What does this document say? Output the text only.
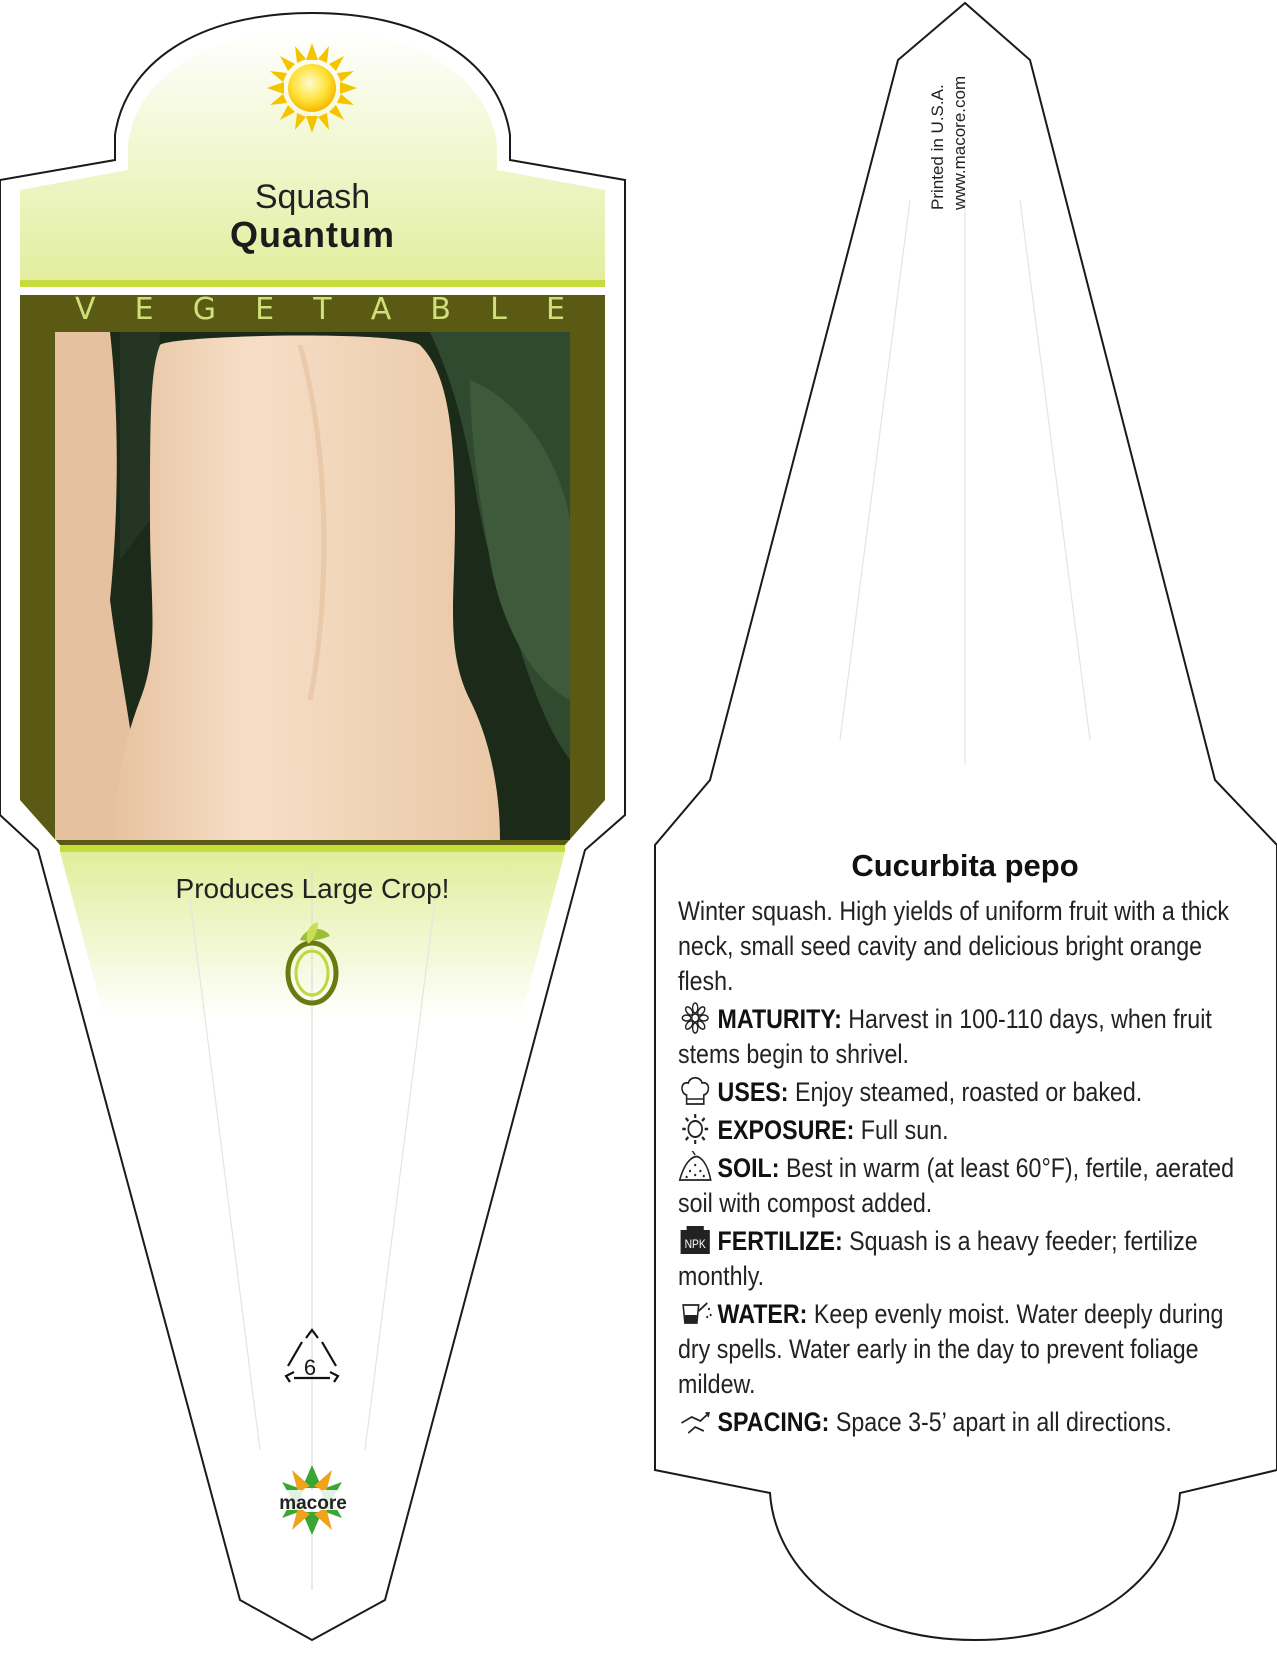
Squash
Quantum
V E G E T A B L E
Produces Large Crop!
6
macore
Printed in U.S.A. www.macore.com
Cucurbita pepo

Winter squash. High yields of uniform fruit with a thick neck, small seed cavity and delicious bright orange flesh.

MATURITY: Harvest in 100-110 days, when fruit stems begin to shrivel.

USES: Enjoy steamed, roasted or baked.

EXPOSURE: Full sun.

SOIL: Best in warm (at least 60°F), fertile, aerated soil with compost added.

NPK FERTILIZE: Squash is a heavy feeder; fertilize monthly.

WATER: Keep evenly moist. Water deeply during dry spells. Water early in the day to prevent foliage mildew.

SPACING: Space 3-5’ apart in all directions.
